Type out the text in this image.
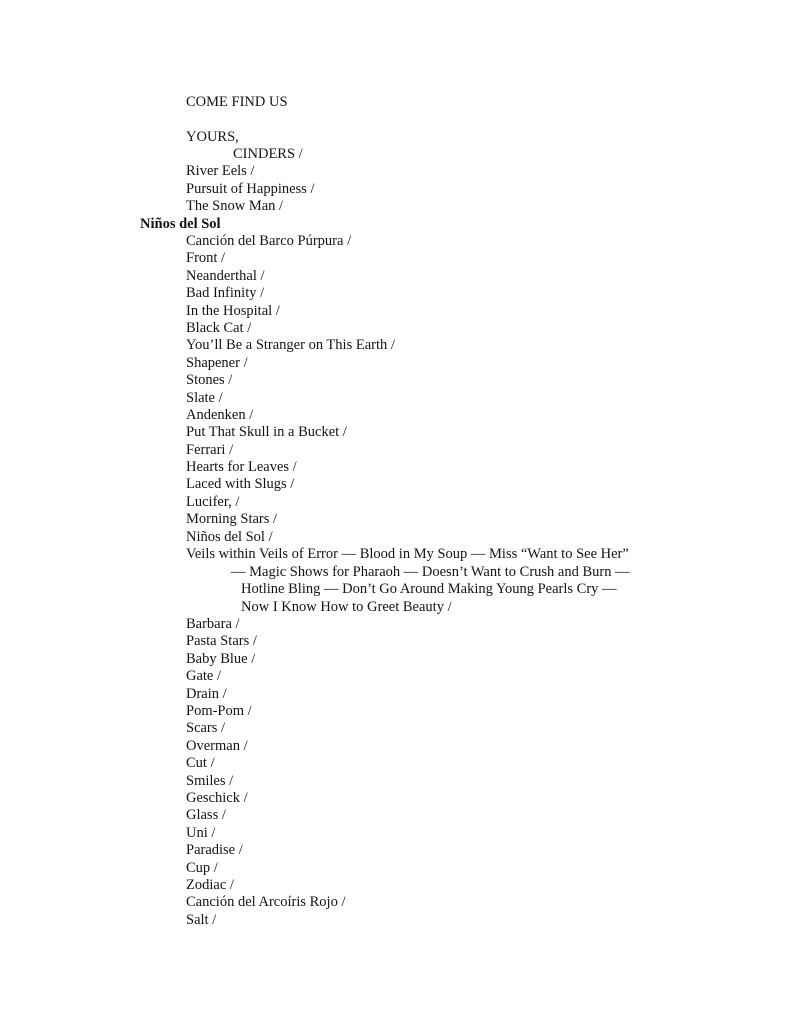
COME FIND US
YOURS,
CINDERS /
River Eels /
Pursuit of Happiness /
The Snow Man /
Niños del Sol
Canción del Barco Púrpura /
Front /
Neanderthal /
Bad Infinity /
In the Hospital /
Black Cat /
You’ll Be a Stranger on This Earth /
Shapener /
Stones /
Slate /
Andenken /
Put That Skull in a Bucket /
Ferrari /
Hearts for Leaves /
Laced with Slugs /
Lucifer, /
Morning Stars /
Niños del Sol /
Veils within Veils of Error — Blood in My Soup — Miss “Want to See Her”
— Magic Shows for Pharaoh — Doesn’t Want to Crush and Burn —
Hotline Bling — Don’t Go Around Making Young Pearls Cry —
Now I Know How to Greet Beauty /
Barbara /
Pasta Stars /
Baby Blue /
Gate /
Drain /
Pom-Pom /
Scars /
Overman /
Cut /
Smiles /
Geschick /
Glass /
Uni /
Paradise /
Cup /
Zodiac /
Canción del Arcoíris Rojo /
Salt /
